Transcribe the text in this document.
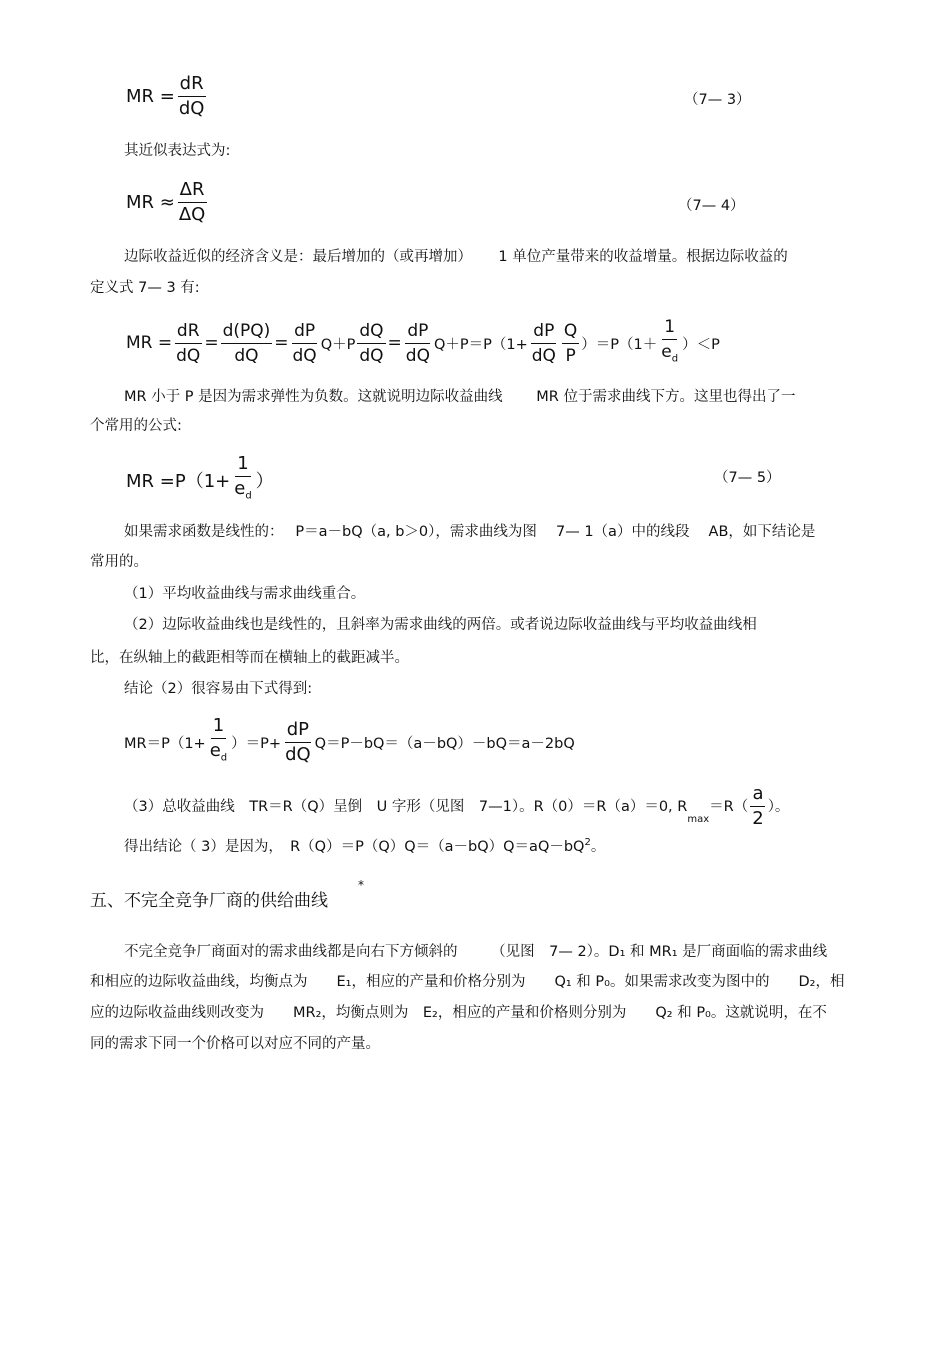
MR = $\frac{dR}{dQ}$	（7— 3）
其近似表达式为:
MR ≈ $\frac{\Delta R}{\Delta Q}$	（7— 4）
边际收益近似的经济含义是：最后增加的（或再增加）　　 1 单位产量带来的收益增量。根据边际收益的
定义式 7— 3 有:
MR = $\frac{dR}{dQ} = \frac{d(PQ)}{dQ} = \frac{dP}{dQ} Q+P \frac{dQ}{dQ} = \frac{dP}{dQ} Q+P=P(1+ \frac{dP}{dQ} \frac{Q}{P} )=P(1+ \frac{1}{e_d} )<P$
MR 小于 P 是因为需求弹性为负数。这就说明边际收益曲线　　 MR 位于需求曲线下方。这里也得出了一
个常用的公式:
MR $=P(1+ \frac{1}{e_d}$ ）	（7— 5）
如果需求函数是线性的：　 P＝a－bQ（a, b＞0），需求曲线为图　 7— 1（a）中的线段　 AB，如下结论是
常用的。
（1）平均收益曲线与需求曲线重合。
（2）边际收益曲线也是线性的，且斜率为需求曲线的两倍。或者说边际收益曲线与平均收益曲线相
比，在纵轴上的截距相等而在横轴上的截距减半。
结论（2）很容易由下式得到:
$MR=P(1+ \frac{1}{e_d} )=P+ \frac{dP}{dQ} Q=P-bQ=(a-bQ)-bQ=a-2bQ$
（3）总收益曲线　TR＝R（Q）呈倒　U 字形（见图　7—1）。R（0）＝R（a）＝0, R
$_{max}$
$=R( \frac{a}{2}$ ）。
得出结论（ 3）是因为，　$R(Q)=P(Q)Q=(a-bQ)Q=aQ-bQ^2$。
五、不完全竞争厂商的供给曲线
*
不完全竞争厂商面对的需求曲线都是向右下方倾斜的　　 （见图　7— 2）。D₁ 和 MR₁ 是厂商面临的需求曲线
和相应的边际收益曲线，均衡点为　　E₁，相应的产量和价格分别为　　Q₁ 和 P₀。如果需求改变为图中的　　D₂，相
应的边际收益曲线则改变为　　MR₂，均衡点则为　E₂，相应的产量和价格则分别为　　Q₂ 和 P₀。这就说明，在不
同的需求下同一个价格可以对应不同的产量。
